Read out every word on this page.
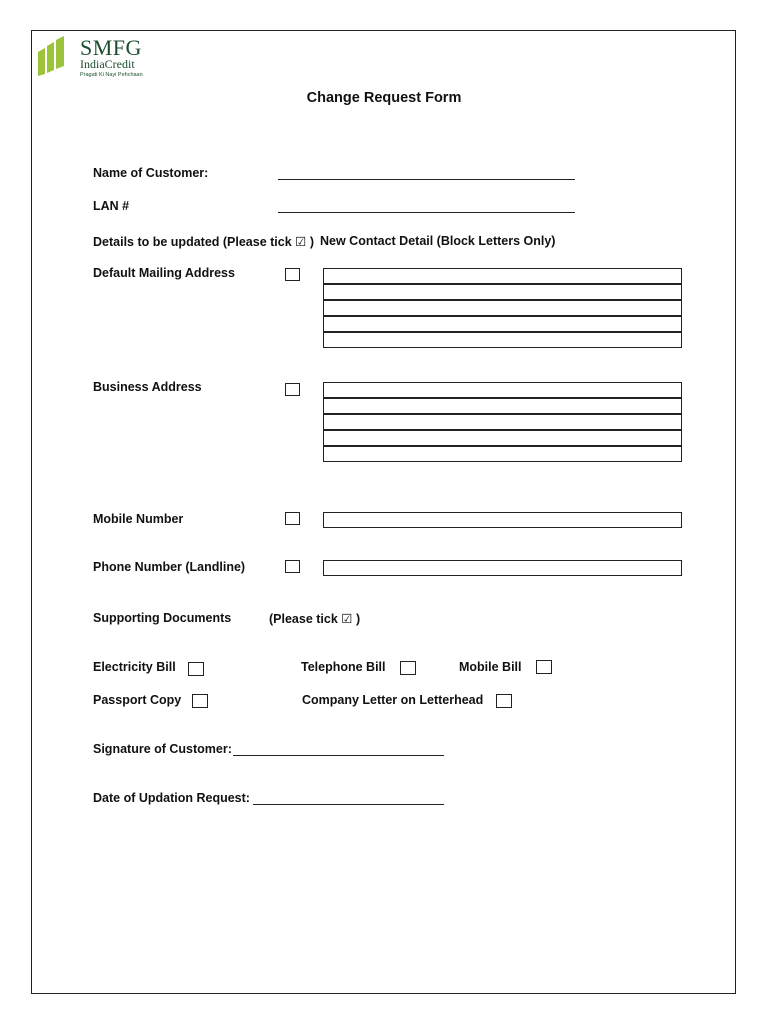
SMFG
IndiaCredit
Pragati Ki Nayi Pehchaan
Change Request Form
Name of Customer:
LAN #
Details to be updated (Please tick ☑ ) New Contact Detail (Block Letters Only)
Default Mailing Address
Business Address
Mobile Number
Phone Number (Landline)
Supporting Documents	(Please tick ☑ )
Electricity Bill	Telephone Bill	Mobile Bill
Passport Copy	Company Letter on Letterhead
Signature of Customer:
Date of Updation Request:
